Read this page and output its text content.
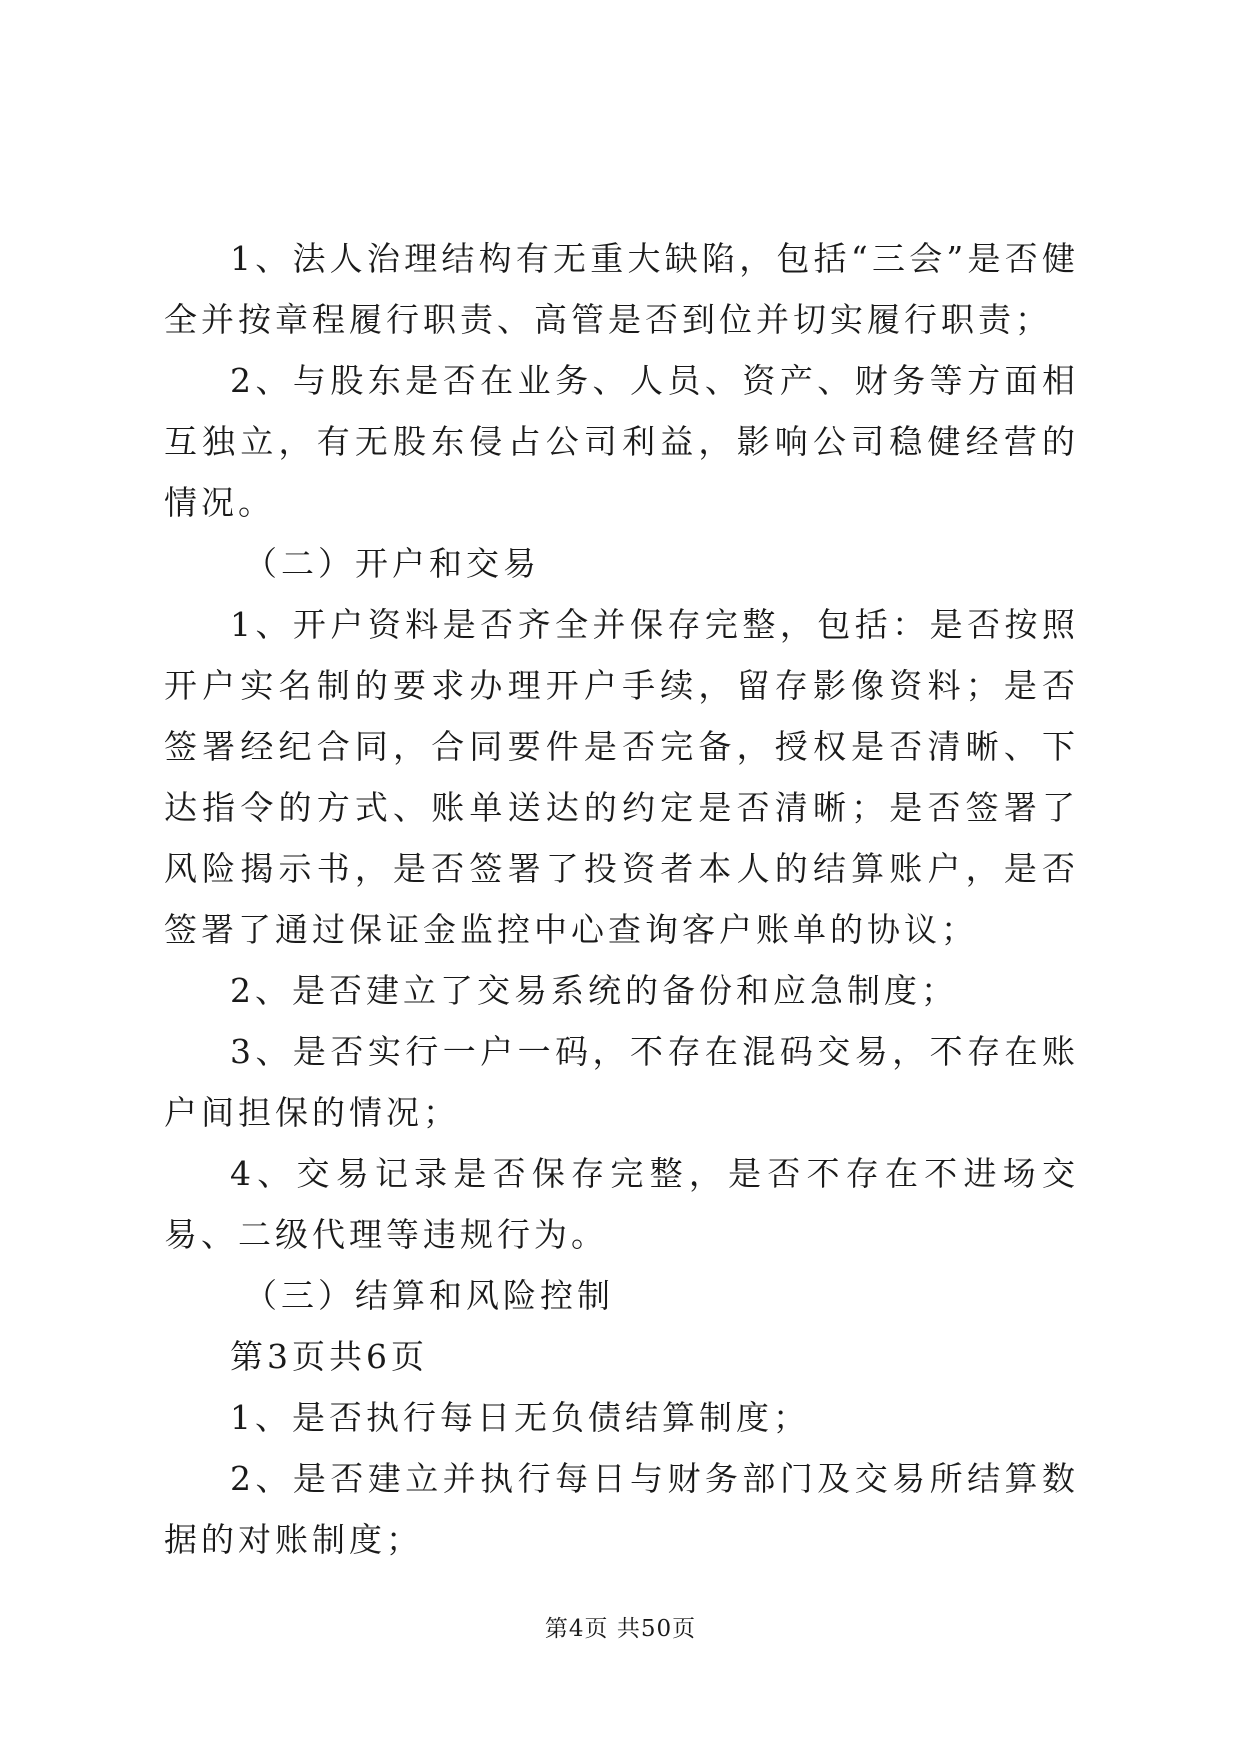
1、法人治理结构有无重大缺陷，包括“三会”是否健全并按章程履行职责、高管是否到位并切实履行职责；

2、与股东是否在业务、人员、资产、财务等方面相互独立，有无股东侵占公司利益，影响公司稳健经营的情况。

（二）开户和交易

1、开户资料是否齐全并保存完整，包括：是否按照开户实名制的要求办理开户手续，留存影像资料；是否签署经纪合同，合同要件是否完备，授权是否清晰、下达指令的方式、账单送达的约定是否清晰；是否签署了风险揭示书，是否签署了投资者本人的结算账户，是否签署了通过保证金监控中心查询客户账单的协议；

2、是否建立了交易系统的备份和应急制度；

3、是否实行一户一码，不存在混码交易，不存在账户间担保的情况；

4、交易记录是否保存完整，是否不存在不进场交易、二级代理等违规行为。

（三）结算和风险控制

第3页共6页

1、是否执行每日无负债结算制度；

2、是否建立并执行每日与财务部门及交易所结算数据的对账制度；

第4页 共50页
